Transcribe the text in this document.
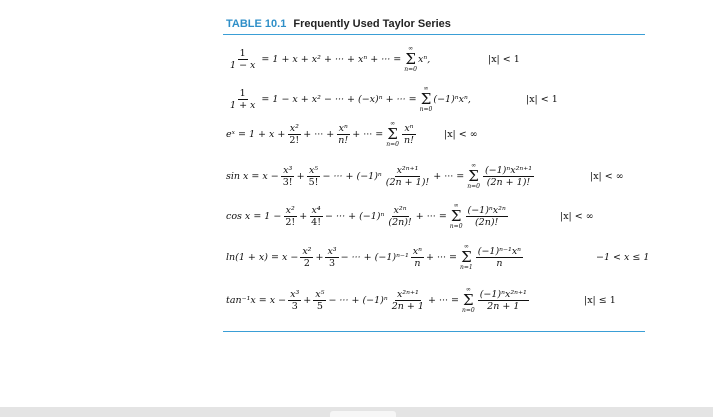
TABLE 10.1 Frequently Used Taylor Series
$\frac{1}{1 - x} = 1 + x + x^2$ + ··· + xⁿ + ··· =
∞
Σ
n=0
xⁿ,	|x| < 1
$\frac{1}{1 + x} = 1 - x + x^2$ − ··· + (−x)ⁿ + ··· =
∞
Σ
n=0
(−1)ⁿxⁿ,	|x| < 1
eˣ = $1 + x + \frac{\text{x²}}{2!}$ + ··· + $\frac{\text{xⁿ}}{n!}$ + ··· =
∞
Σ
$n=0 \frac{\text{xⁿ}}{n!}$	|x| < ∞
$\sin x = x - \frac{\text{x³}}{3!} + \frac{\text{x⁵}}{5!}$ − ··· + $(-1)^n \frac{\text{x²ⁿ⁺¹}}{(2n + 1)!}$ + ··· =
∞
Σ
$n=0 \frac{\text{(−1)ⁿx²ⁿ⁺¹}}{(2n + 1)!}$	|x| < ∞
$\cos x = 1 - \frac{\text{x²}}{2!} + \frac{\text{x⁴}}{4!}$ − ··· + $(-1)^n \frac{\text{x²ⁿ}}{(2n)!}$ + ··· =
∞
Σ
$n=0 \frac{\text{(−1)ⁿx²ⁿ}}{(2n)!}$	|x| < ∞
$\ln(1 + x) = x - \frac{\text{x²}}{2} + \frac{\text{x³}}{3}$ − ··· + $(-1)^{n-1} \frac{\text{xⁿ}}{n}$ + ··· =
∞
Σ
$n=1 \frac{\text{(−1)ⁿ⁻¹xⁿ}}{n}$	−1 < x ≤ 1
$\tan^{-1}x = x - \frac{\text{x³}}{3} + \frac{\text{x⁵}}{5}$ − ··· + $(-1)^n \frac{\text{x²ⁿ⁺¹}}{2n + 1}$ + ··· =
∞
Σ
$n=0 \frac{\text{(−1)ⁿx²ⁿ⁺¹}}{2n + 1}$	|x| ≤ 1
